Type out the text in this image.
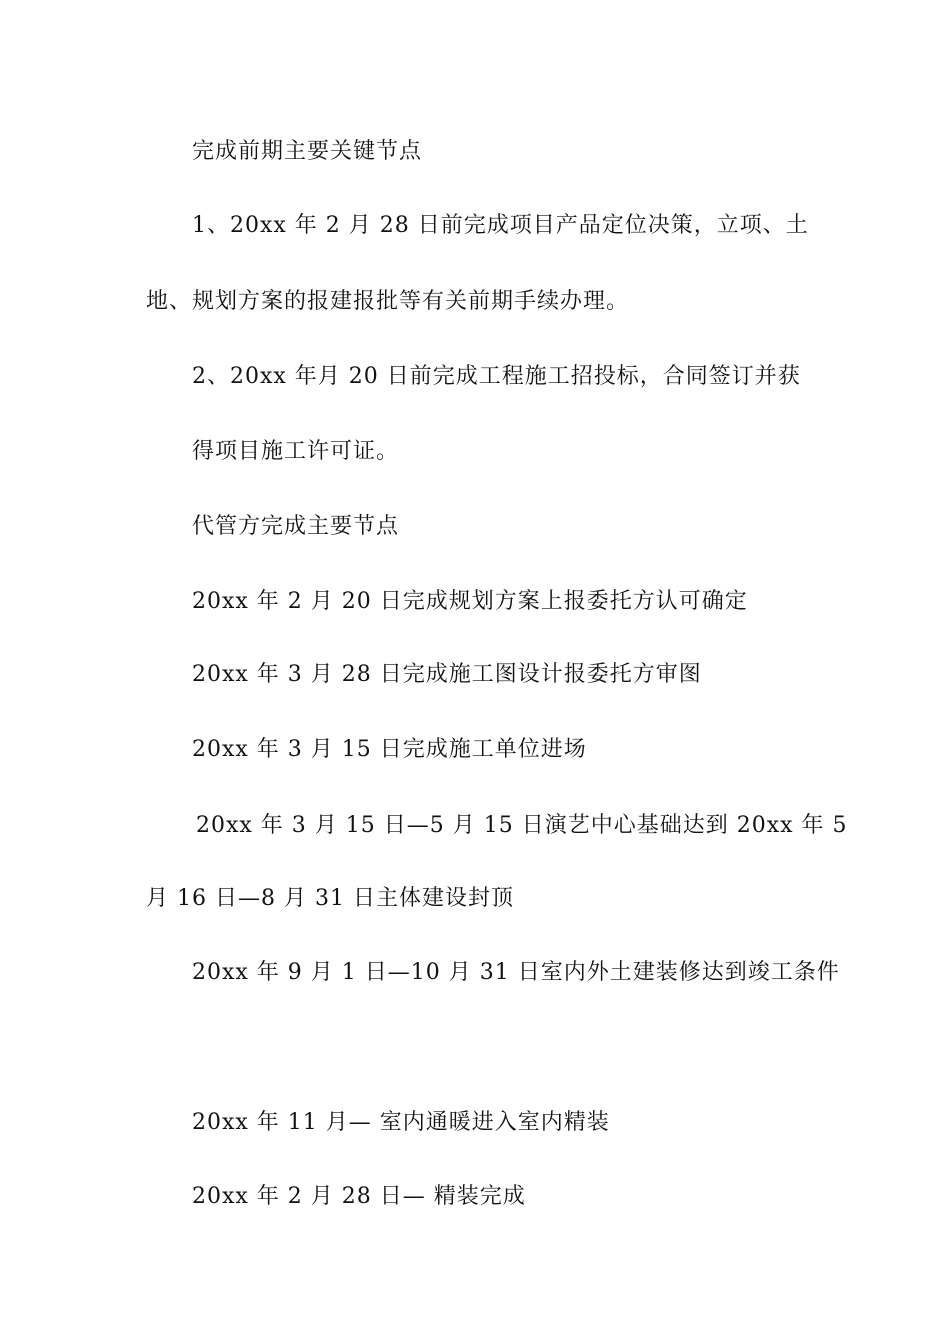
完成前期主要关键节点
1、20xx 年 2 月 28 日前完成项目产品定位决策，立项、土
地、规划方案的报建报批等有关前期手续办理。
2、20xx 年月 20 日前完成工程施工招投标，合同签订并获
得项目施工许可证。
代管方完成主要节点
20xx 年 2 月 20 日完成规划方案上报委托方认可确定
20xx 年 3 月 28 日完成施工图设计报委托方审图
20xx 年 3 月 15 日完成施工单位进场
20xx 年 3 月 15 日—5 月 15 日演艺中心基础达到 20xx 年 5
月 16 日—8 月 31 日主体建设封顶
20xx 年 9 月 1 日—10 月 31 日室内外土建装修达到竣工条件
20xx 年 11 月— 室内通暖进入室内精装
20xx 年 2 月 28 日— 精装完成
